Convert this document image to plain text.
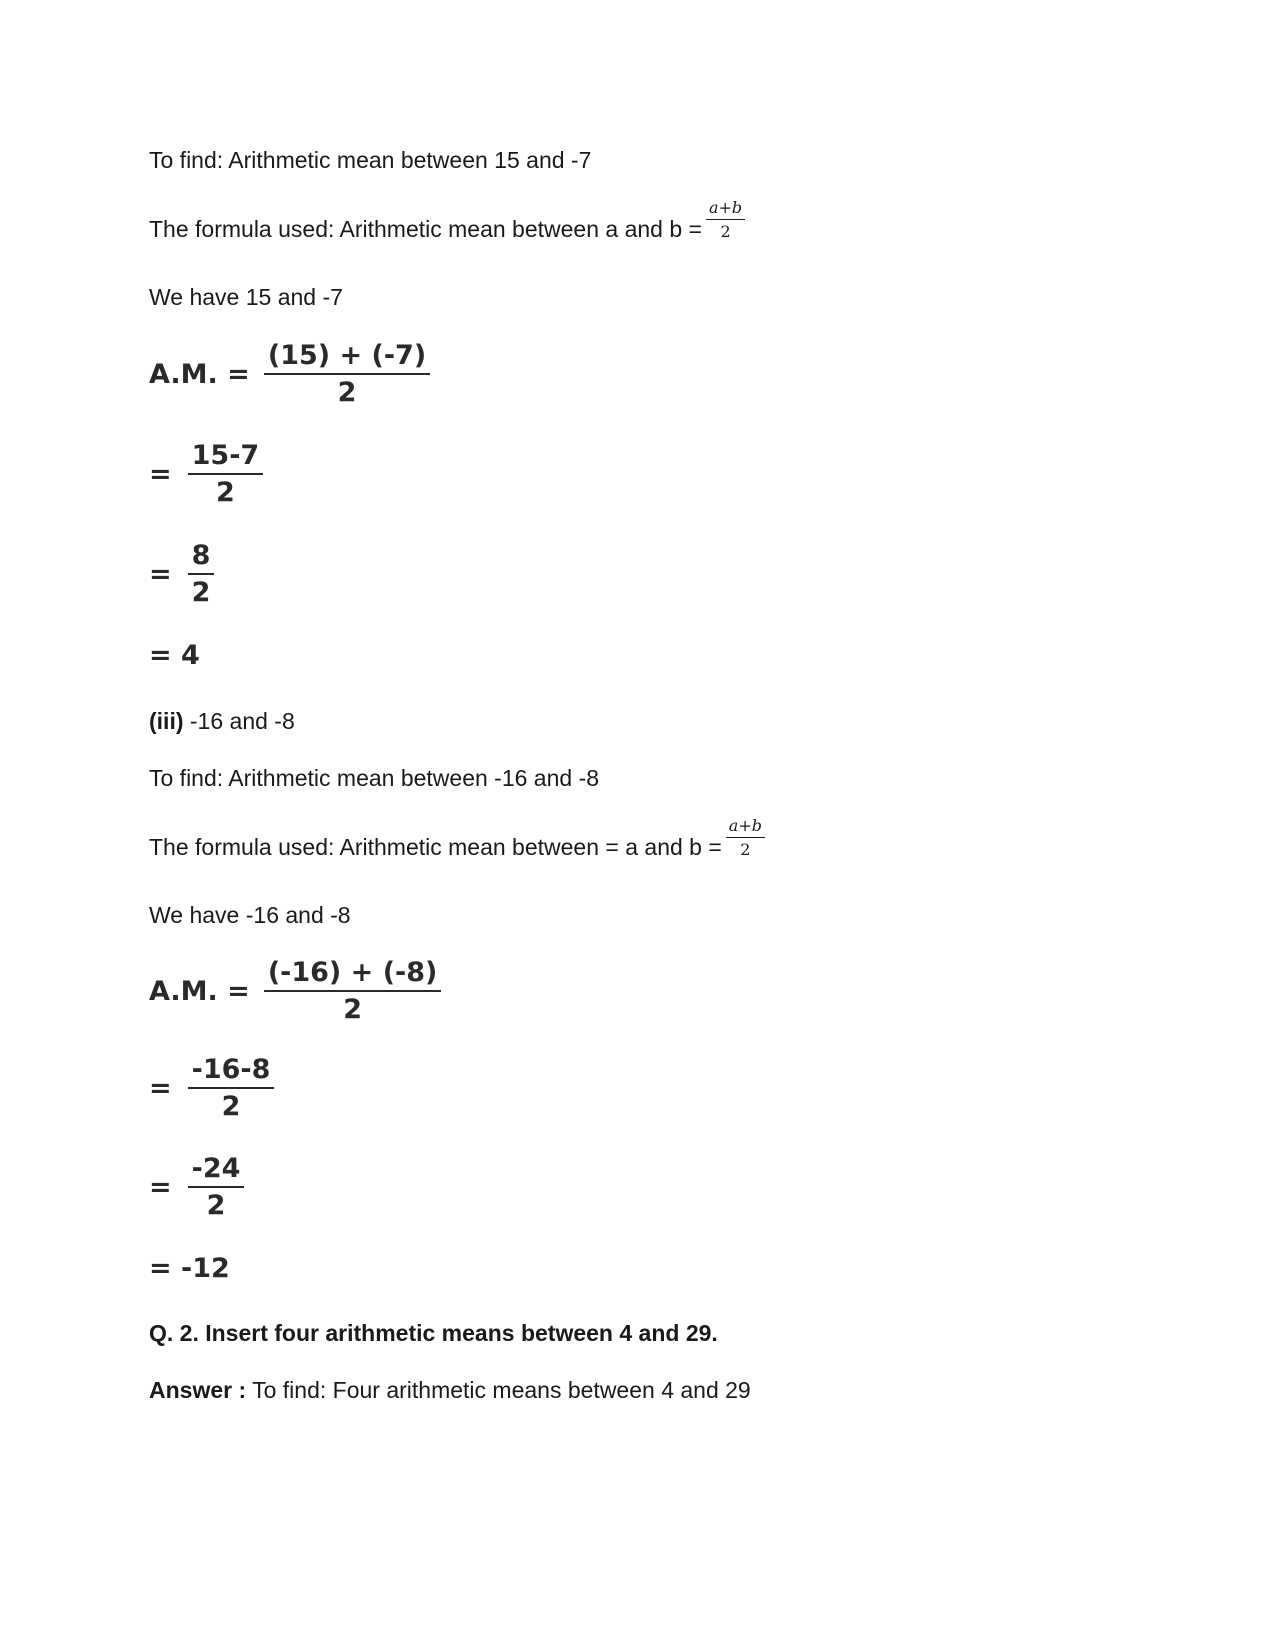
To find: Arithmetic mean between 15 and -7
The formula used: Arithmetic mean between a and $b = \frac{a+b}{2}$
We have 15 and -7
A.M. = $\frac{(15) + (-7)}{2}$
= $\frac{15-7}{2}$
= $\frac{8}{2}$
= 4
(iii) -16 and -8
To find: Arithmetic mean between -16 and -8
The formula used: Arithmetic mean between = a and $b = \frac{a+b}{2}$
We have -16 and -8
A.M. = $\frac{(-16) + (-8)}{2}$
= $\frac{-16-8}{2}$
= $\frac{-24}{2}$
= -12
Q. 2. Insert four arithmetic means between 4 and 29.
Answer : To find: Four arithmetic means between 4 and 29
